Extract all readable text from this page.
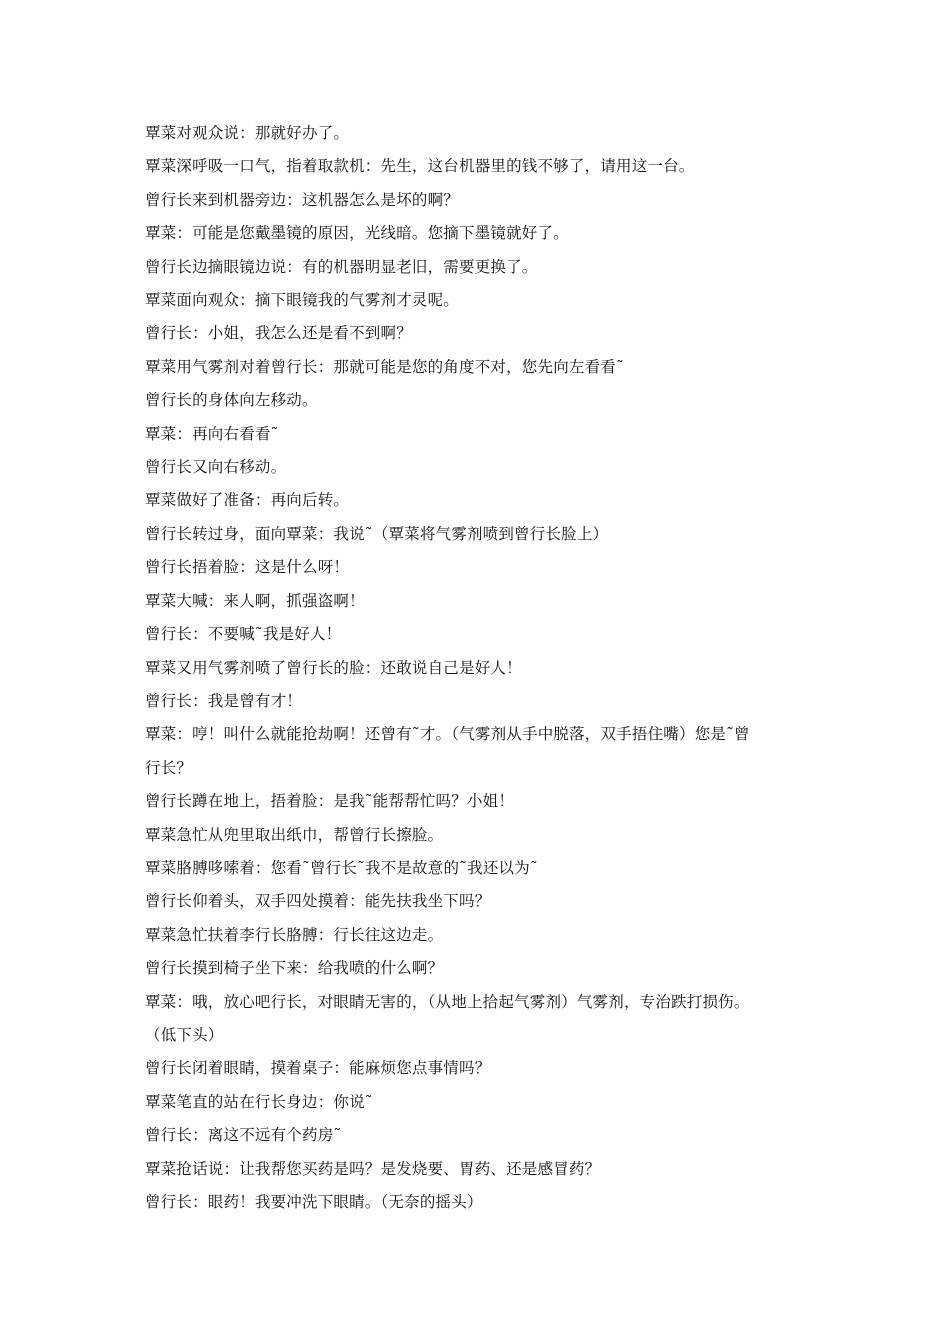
覃菜对观众说：那就好办了。
覃菜深呼吸一口气，指着取款机：先生，这台机器里的钱不够了，请用这一台。
曾行长来到机器旁边：这机器怎么是坏的啊？
覃菜：可能是您戴墨镜的原因，光线暗。您摘下墨镜就好了。
曾行长边摘眼镜边说：有的机器明显老旧，需要更换了。
覃菜面向观众：摘下眼镜我的气雾剂才灵呢。
曾行长：小姐，我怎么还是看不到啊？
覃菜用气雾剂对着曾行长：那就可能是您的角度不对，您先向左看看˜
曾行长的身体向左移动。
覃菜：再向右看看˜
曾行长又向右移动。
覃菜做好了准备：再向后转。
曾行长转过身，面向覃菜：我说˜（覃菜将气雾剂喷到曾行长脸上）
曾行长捂着脸：这是什么呀！
覃菜大喊：来人啊，抓强盗啊！
曾行长：不要喊˜我是好人！
覃菜又用气雾剂喷了曾行长的脸：还敢说自己是好人！
曾行长：我是曾有才！
覃菜：哼！叫什么就能抢劫啊！还曾有˜才。（气雾剂从手中脱落，双手捂住嘴）您是˜曾
行长？
曾行长蹲在地上，捂着脸：是我˜能帮帮忙吗？小姐！
覃菜急忙从兜里取出纸巾，帮曾行长擦脸。
覃菜胳膊哆嗦着：您看˜曾行长˜我不是故意的˜我还以为˜
曾行长仰着头，双手四处摸着：能先扶我坐下吗？
覃菜急忙扶着李行长胳膊：行长往这边走。
曾行长摸到椅子坐下来：给我喷的什么啊？
覃菜：哦，放心吧行长，对眼睛无害的，（从地上拾起气雾剂）气雾剂，专治跌打损伤。
（低下头）
曾行长闭着眼睛，摸着桌子：能麻烦您点事情吗？
覃菜笔直的站在行长身边：你说˜
曾行长：离这不远有个药房˜
覃菜抢话说：让我帮您买药是吗？是发烧要、胃药、还是感冒药？
曾行长：眼药！我要冲洗下眼睛。（无奈的摇头）
